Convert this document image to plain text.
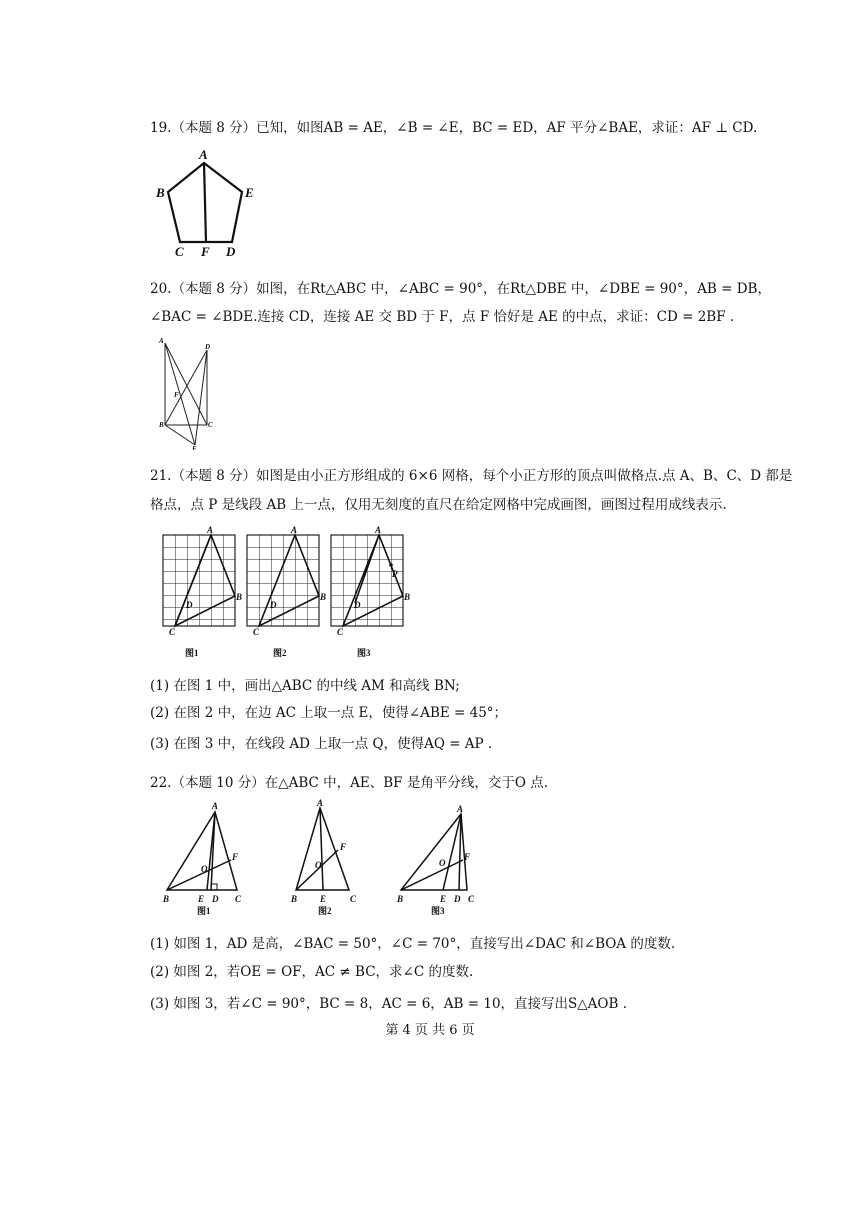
19.（本题 8 分）已知，如图AB = AE，∠B = ∠E，BC = ED，AF 平分∠BAE，求证：AF ⊥ CD.
A
B	E
C F D
20.（本题 8 分）如图，在Rt△ABC 中，∠ABC = 90°，在Rt△DBE 中，∠DBE = 90°，AB = DB，
∠BAC = ∠BDE.连接 CD，连接 AE 交 BD 于 F，点 F 恰好是 AE 的中点，求证：CD = 2BF .
A
D
F
B	C
E
21.（本题 8 分）如图是由小正方形组成的 6×6 网格，每个小正方形的顶点叫做格点.点 A、B、C、D 都是
格点，点 P 是线段 AB 上一点，仅用无刻度的直尺在给定网格中完成画图，画图过程用成线表示.
A
B
C
D
A
B
C
D
A
B
C
D
P
图1	图2	图3
(1) 在图 1 中，画出△ABC 的中线 AM 和高线 BN;
(2) 在图 2 中，在边 AC 上取一点 E，使得∠ABE = 45°；
(3) 在图 3 中，在线段 AD 上取一点 Q，使得AQ = AP .
22.（本题 10 分）在△ABC 中，AE、BF 是角平分线，交于O 点.
A
B	E D C
F
O
图1
A
B	E	C
F
O
图2
A
B	E D C
F
O
图3
(1) 如图 1，AD 是高，∠BAC = 50°，∠C = 70°，直接写出∠DAC 和∠BOA 的度数.
(2) 如图 2，若OE = OF，AC ≠ BC，求∠C 的度数.
(3) 如图 3，若∠C = 90°，BC = 8，AC = 6，AB = 10，直接写出S△AOB .
第 4 页 共 6 页
